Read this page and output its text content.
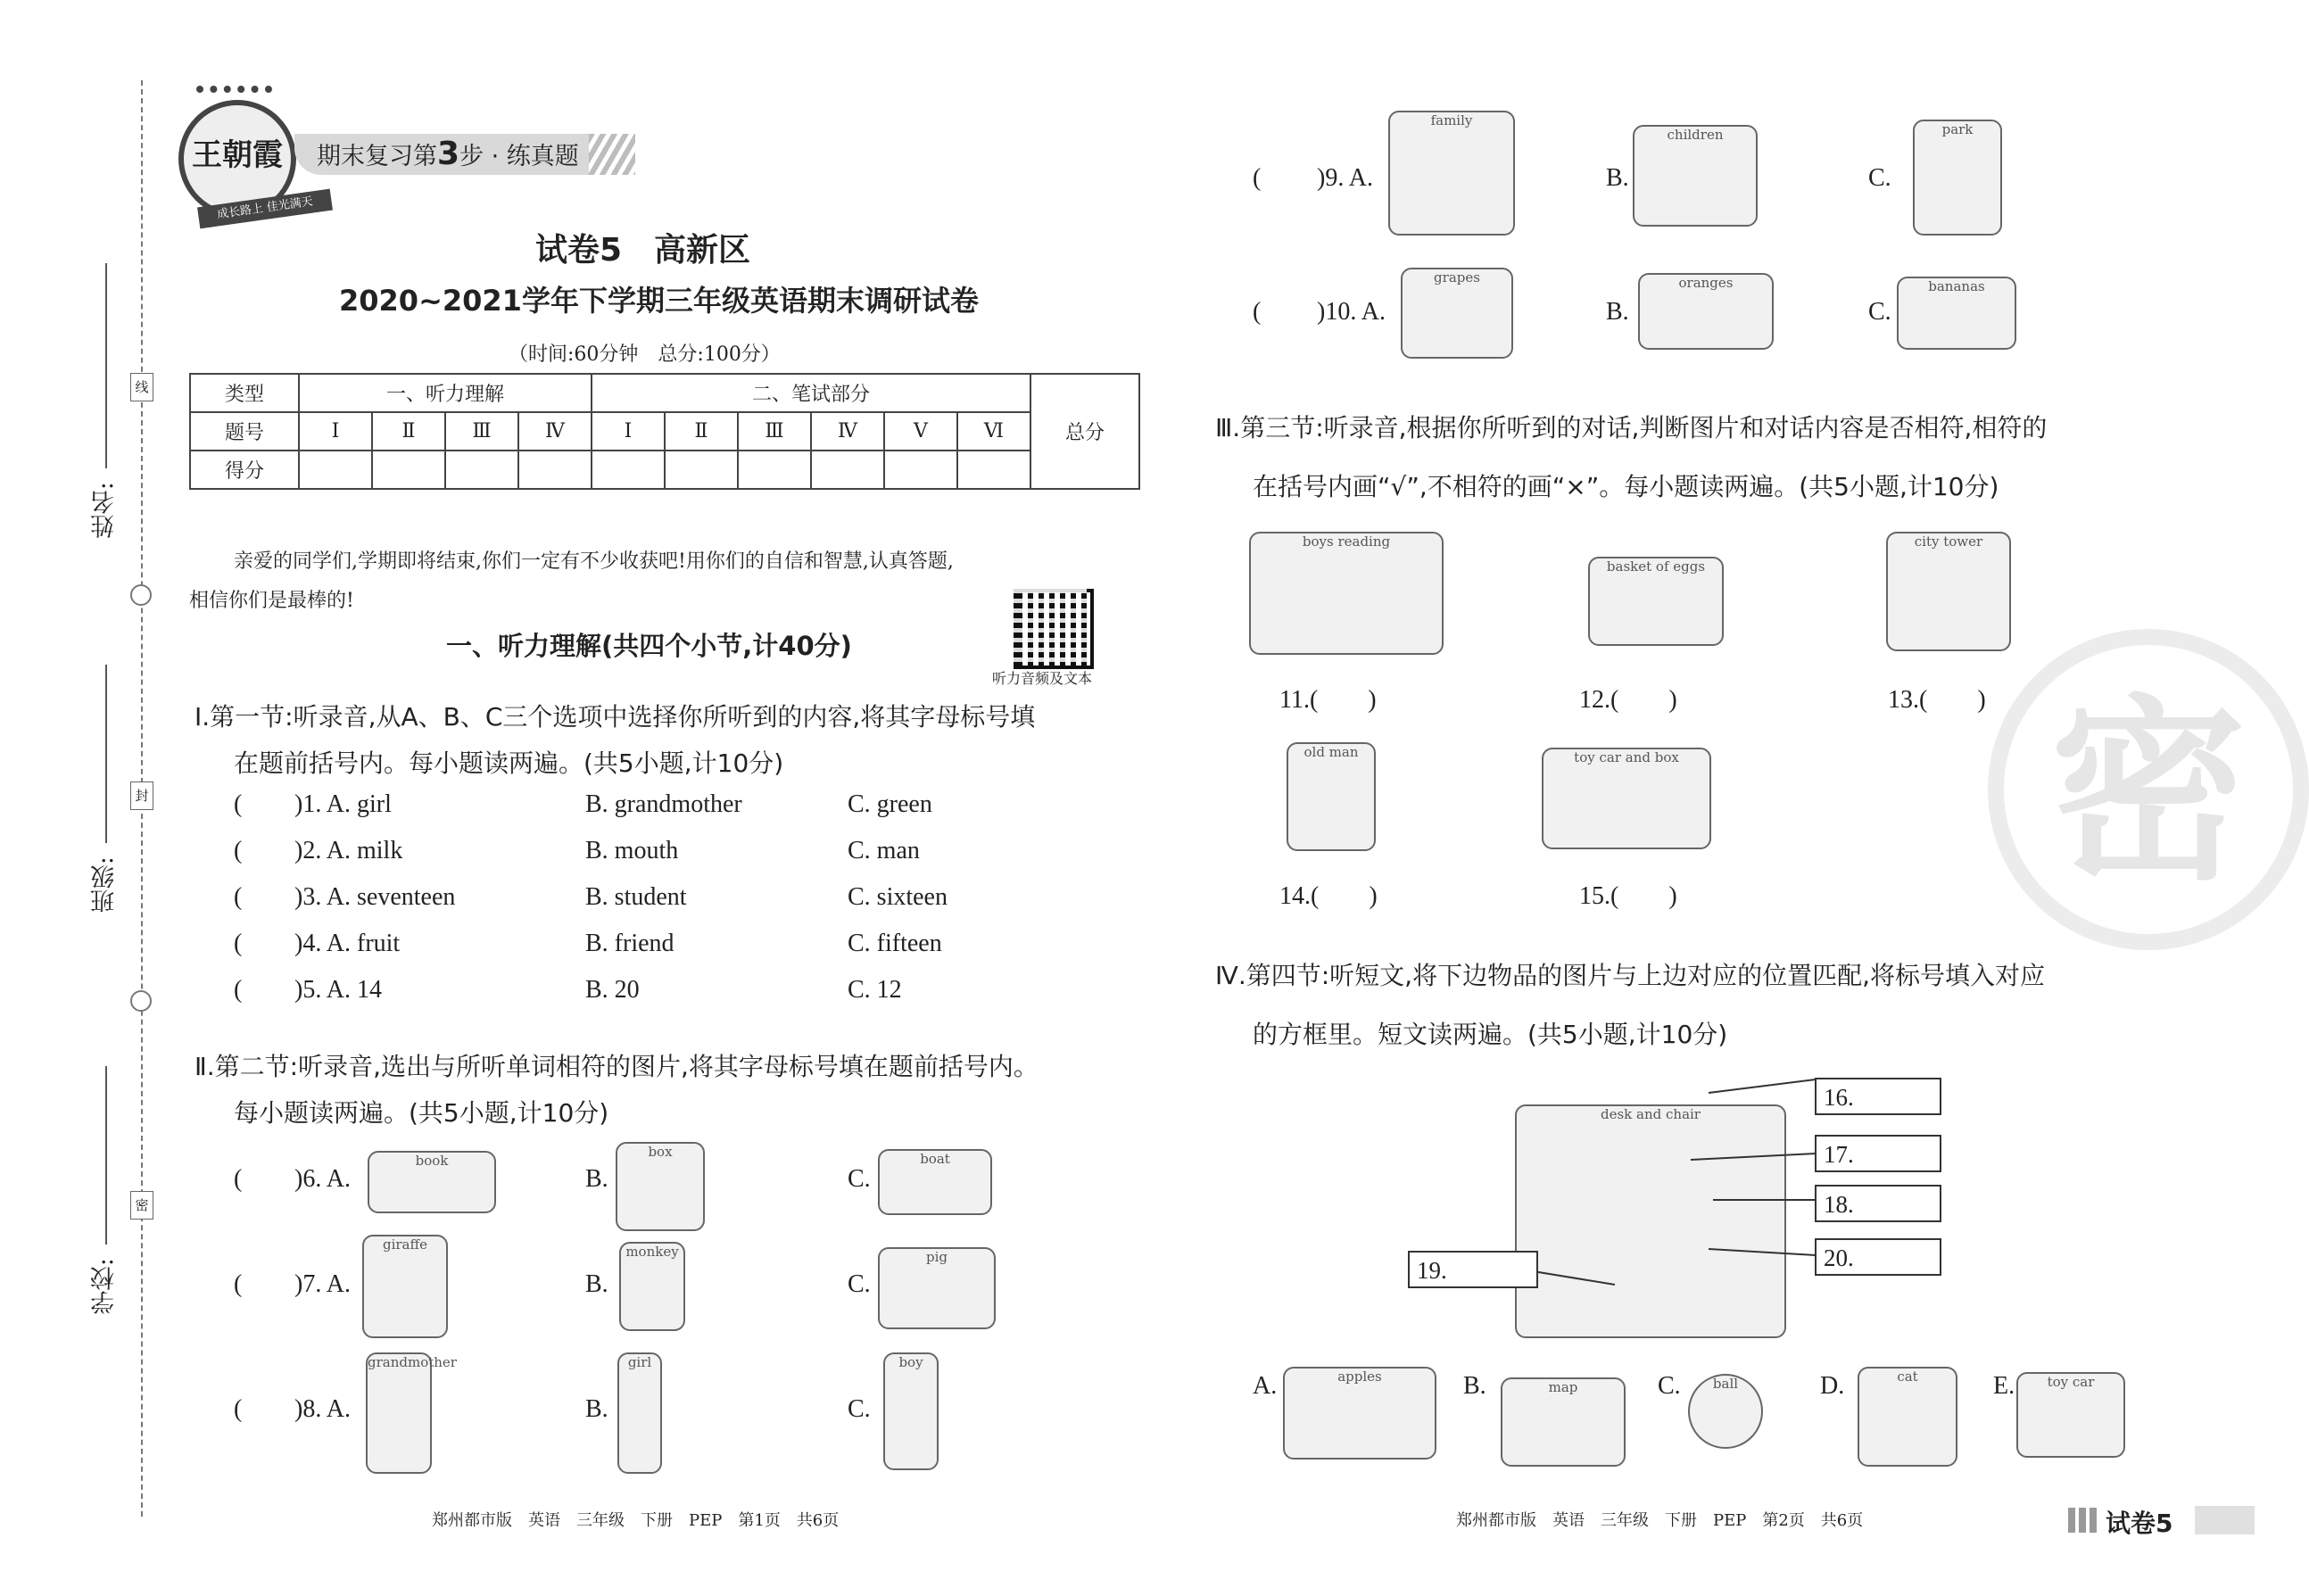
姓名:
班级:
学校:
线
封
密
王朝霞
成长路上 佳光满天
期末复习第3步 · 练真题
试卷5　高新区
2020~2021学年下学期三年级英语期末调研试卷
（时间:60分钟　总分:100分）
类型	一、听力理解				二、笔试部分						总分
题号	Ⅰ	Ⅱ	Ⅲ	Ⅳ	Ⅰ	Ⅱ	Ⅲ	Ⅳ	Ⅴ	Ⅵ	
得分											
亲爱的同学们,学期即将结束,你们一定有不少收获吧!用你们的自信和智慧,认真答题,
相信你们是最棒的!
听力音频及文本
一、听力理解(共四个小节,计40分)
Ⅰ.第一节:听录音,从A、B、C三个选项中选择你所听到的内容,将其字母标号填
在题前括号内。每小题读两遍。(共5小题,计10分)
( )1. A. girl	B. grandmother	C. green
( )2. A. milk	B. mouth	C. man
( )3. A. seventeen	B. student	C. sixteen
( )4. A. fruit	B. friend	C. fifteen
( )5. A. 14	B. 20	C. 12
Ⅱ.第二节:听录音,选出与所听单词相符的图片,将其字母标号填在题前括号内。
每小题读两遍。(共5小题,计10分)
( )6. A.
book
B.
box
C.
boat
( )7. A.
giraffe
B.
monkey
C.
pig
( )8. A.
grandmother
B.
girl
C.
boy
( )9. A.
family
B.
children
C.
park
( )10. A.
grapes
B.
oranges
C.
bananas
Ⅲ.第三节:听录音,根据你所听到的对话,判断图片和对话内容是否相符,相符的
在括号内画“√”,不相符的画“×”。每小题读两遍。(共5小题,计10分)
boys reading
basket of eggs
city tower
11.(　　)	12.(　　)	13.(　　)
old man	toy car and box
14.(　　)	15.(　　)	密
Ⅳ.第四节:听短文,将下边物品的图片与上边对应的位置匹配,将标号填入对应
的方框里。短文读两遍。(共5小题,计10分)
desk and chair
16.
17.
18.
19.	20.
A.	apples	B.	map	C.	ball	D.	cat	E.	toy car
郑州都市版　英语　三年级　下册　PEP　第1页　共6页	郑州都市版　英语　三年级　下册　PEP　第2页　共6页	试卷5
